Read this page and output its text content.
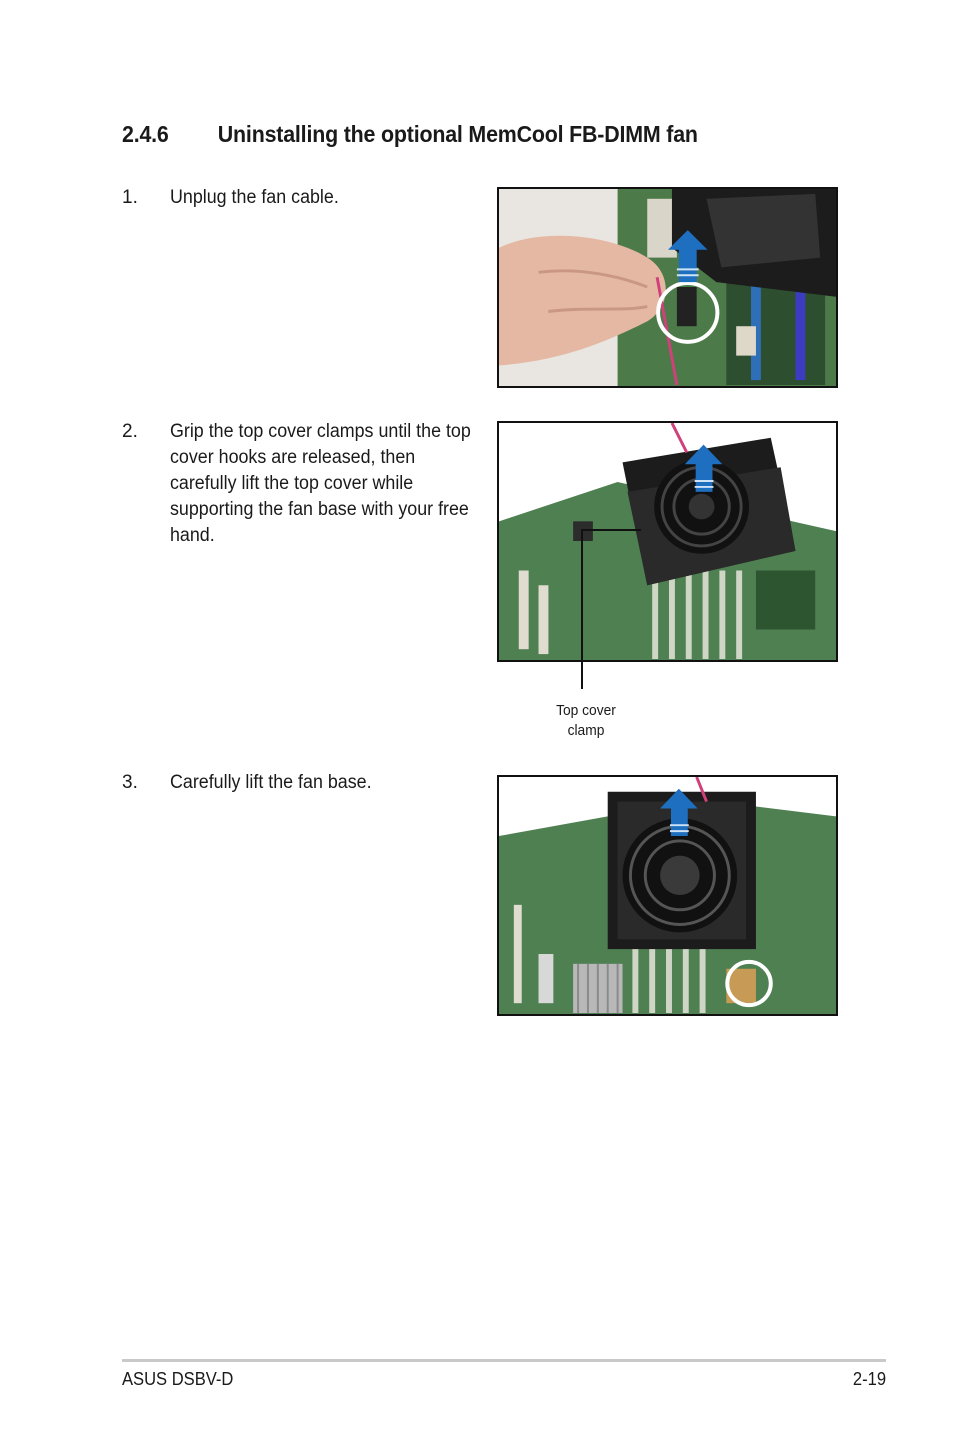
2.4.6 Uninstalling the optional MemCool FB-DIMM fan
1. Unplug the fan cable.
2. Grip the top cover clamps until the top cover hooks are released, then carefully lift the top cover while supporting the fan base with your free hand.
Top cover
clamp
3. Carefully lift the fan base.
ASUS DSBV-D	2-19
